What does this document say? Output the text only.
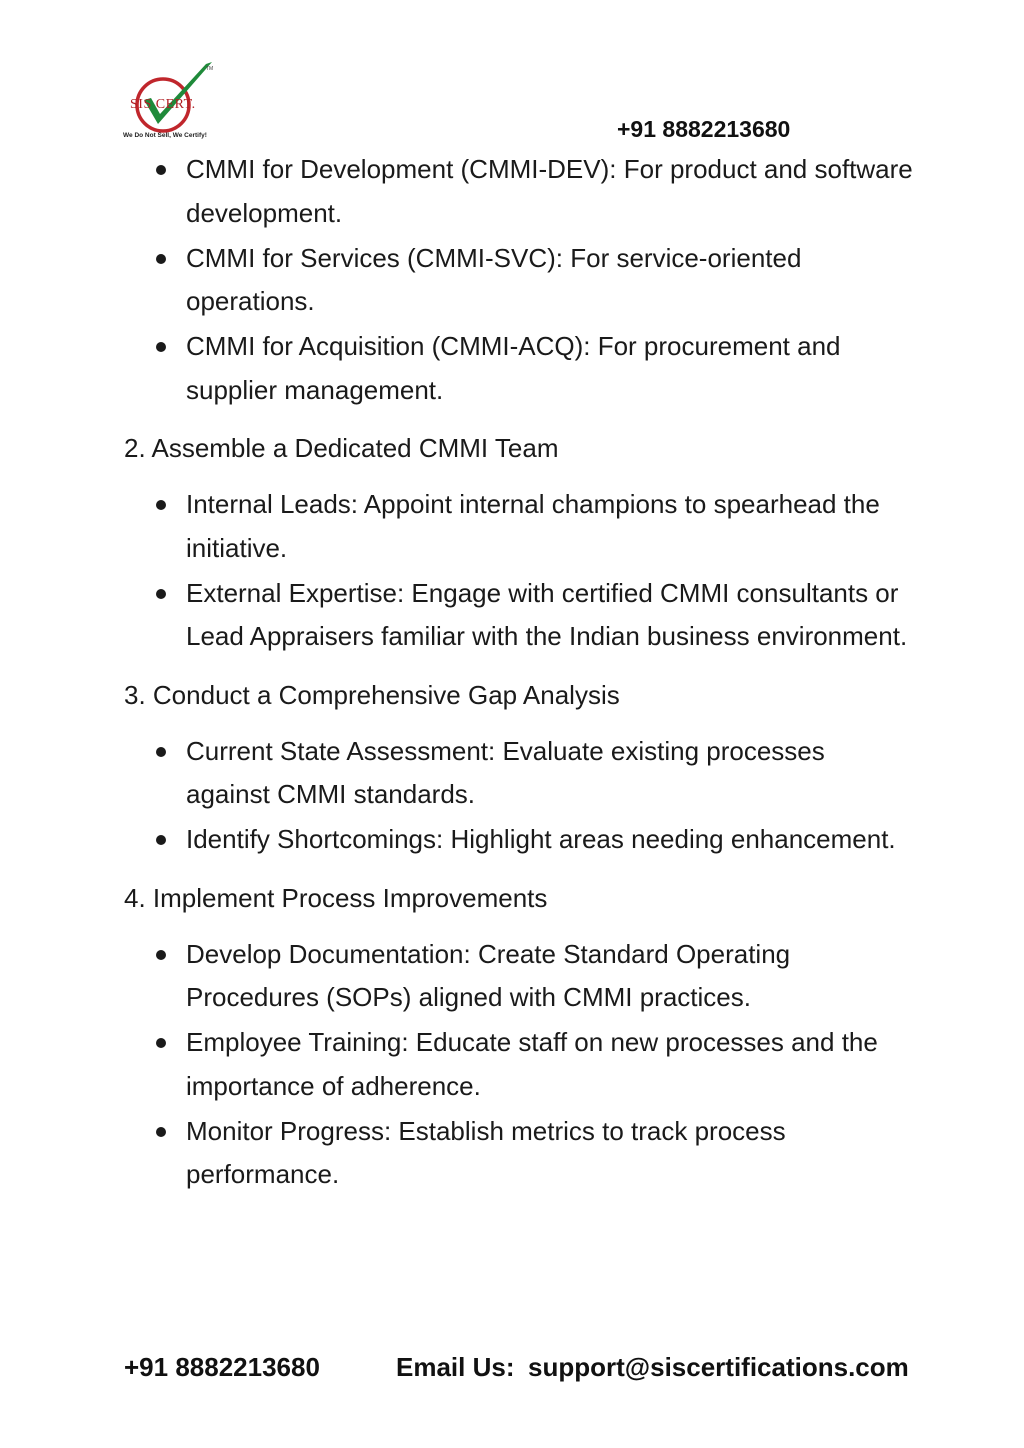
SIS CERT.
TM
We Do Not Sell, We Certify!	+91 8882213680
CMMI for Development (CMMI-DEV): For product and software development.
CMMI for Services (CMMI-SVC): For service-oriented operations.
CMMI for Acquisition (CMMI-ACQ): For procurement and supplier management.
2. Assemble a Dedicated CMMI Team
Internal Leads: Appoint internal champions to spearhead the initiative.
External Expertise: Engage with certified CMMI consultants or Lead Appraisers familiar with the Indian business environment.
3. Conduct a Comprehensive Gap Analysis
Current State Assessment: Evaluate existing processes against CMMI standards.
Identify Shortcomings: Highlight areas needing enhancement.
4. Implement Process Improvements
Develop Documentation: Create Standard Operating Procedures (SOPs) aligned with CMMI practices.
Employee Training: Educate staff on new processes and the importance of adherence.
Monitor Progress: Establish metrics to track process performance.
+91 8882213680	Email Us: support@siscertifications.com
